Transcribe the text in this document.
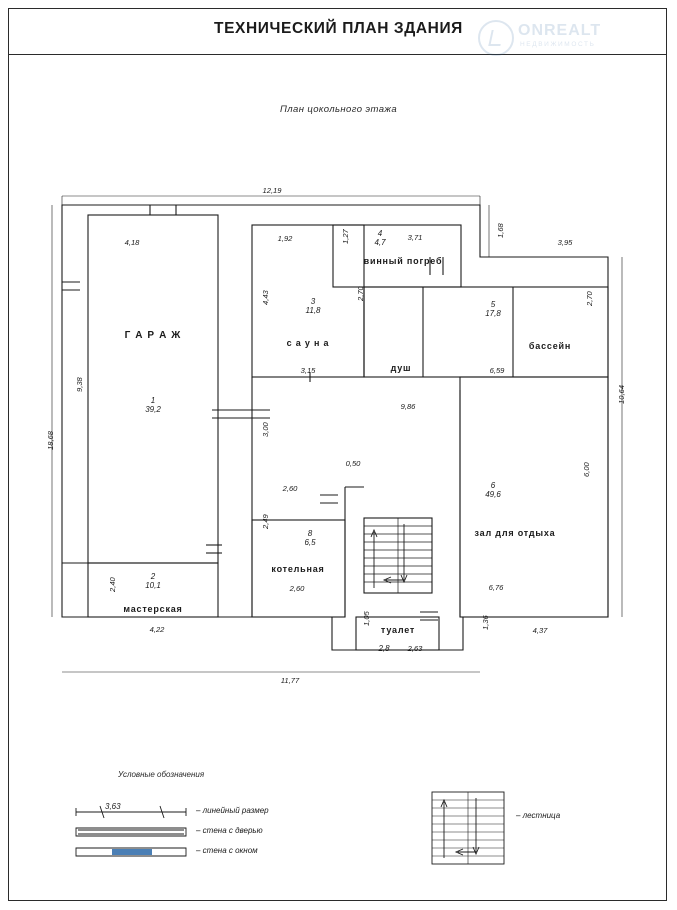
ТЕХНИЧЕСКИЙ ПЛАН ЗДАНИЯ
План цокольного этажа
ONREALT
НЕДВИЖИМОСТЬ
Г А Р А Ж
1
39,2
мастерская
2
10,1
с а у н а
3
11,8
винный погреб
4
4,7
душ
бассейн
5
17,8
зал для отдыха
6
49,6
котельная
8
6,5
туалет
2,8
12,19
3,95
1,68
4,18
9,38
18,68
2,40
4,22
1,92
4,43
3,15
1,27	3,71
2,70
9,86
2,70
6,59
10,64
6,00
6,76
4,37
1,36
3,00
2,60
0,50
2,49
2,60
1,05
2,63
11,77
Условные обозначения
3,63	– линейный размер
– стена с дверью
– стена с окном
– лестница
